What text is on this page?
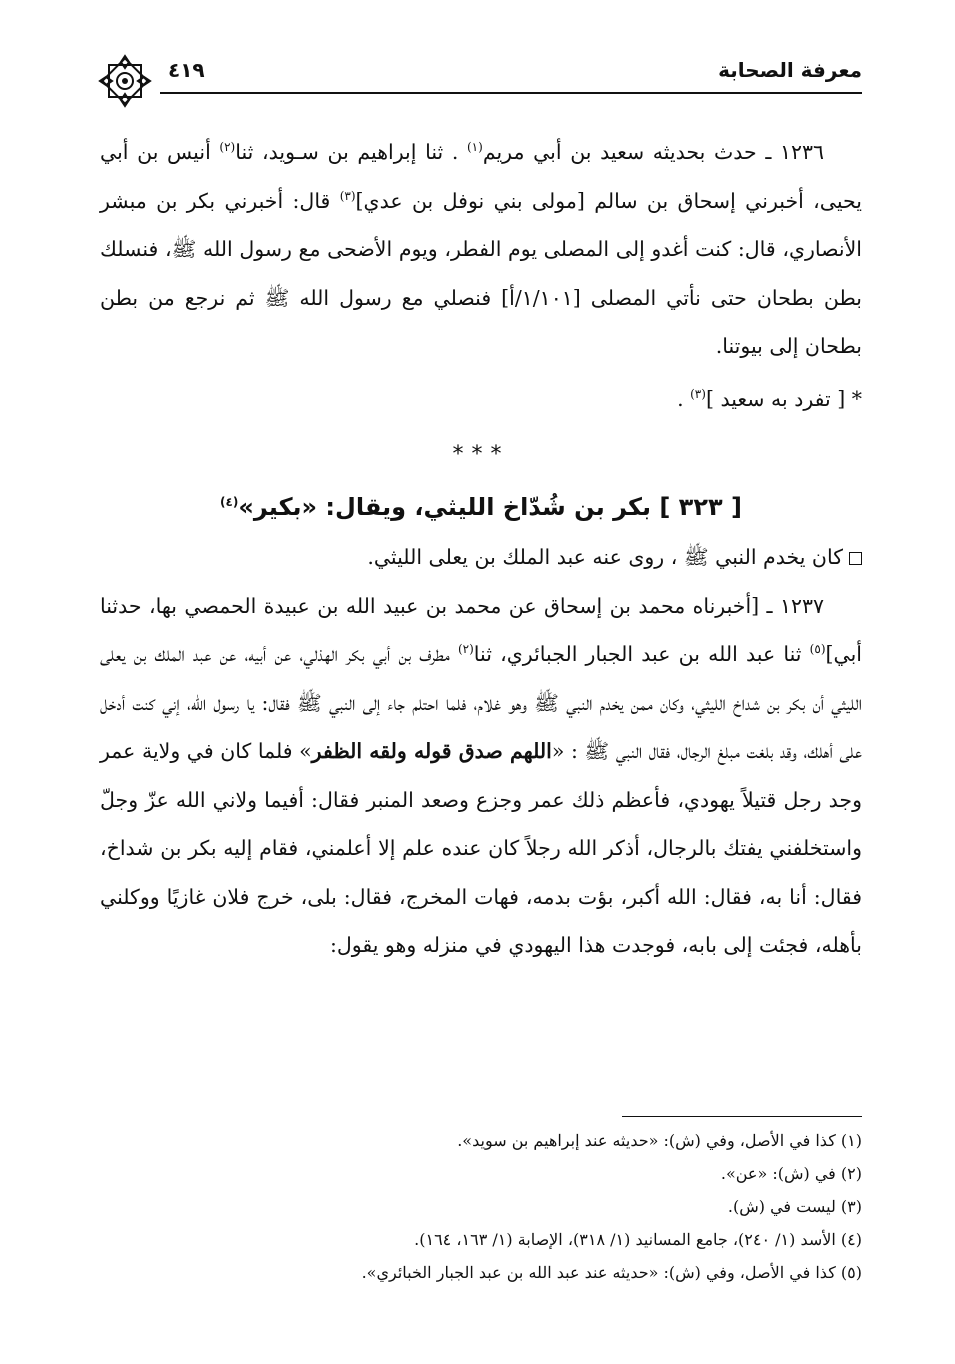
٤١٩	معرفة الصحابة

١٢٣٦ ـ حدث بحديثه سعيد بن أبي مريم$^{(١)}$ . ثنا إبراهيم بن سـويد، ثنا$^{(٢)}$ أنيس بن أبي يحيى، أخبرني إسحاق بن سالم [مولى بني نوفل بن عدي]$^{(٣)}$ قال: أخبرني بكر بن مبشر الأنصاري، قال: كنت أغدو إلى المصلى يوم الفطر، ويوم الأضحى مع رسول الله ﷺ، فنسلك بطن بطحان حتى نأتي المصلى [١/١٠١/أ] فنصلي مع رسول الله ﷺ ثم نرجع من بطن بطحان إلى بيوتنا.

* [ تفرد به سعيد ]$^{(٣)}$ .

***
[ ٣٢٣ ] بكر بن شُدّاخ الليثي، ويقال: «بكير»$^{(٤)}$

كان يخدم النبي ﷺ ، روى عنه عبد الملك بن يعلى الليثي.

١٢٣٧ ـ [أخبرناه محمد بن إسحاق عن محمد بن عبيد الله بن عبيدة الحمصي بها، حدثنا أبي]$^{(٥)}$ ثنا عبد الله بن عبد الجبار الجبائري، ثنا$^{(٢)}$ مطرف بن أبي بكر الهذلي، عن أبيه، عن عبد الملك بن يعلى الليثي أن بكر بن شداخ الليثي، وكان ممن يخدم النبي ﷺ وهو غلام، فلما احتلم جاء إلى النبي ﷺ فقال: يا رسول الله، إني كنت أدخل على أهلك، وقد بلغت مبلغ الرجال، فقال النبي ﷺ : «اللهم صدق قوله ولقه الظفر» فلما كان في ولاية عمر وجد رجل قتيلاً يهودي، فأعظم ذلك عمر وجزع وصعد المنبر فقال: أفيما ولاني الله عزّ وجلّ واستخلفني يفتك بالرجال، أذكر الله رجلاً كان عنده علم إلا أعلمني، فقام إليه بكر بن شداخ، فقال: أنا به، فقال: الله أكبر، بؤت بدمه، فهات المخرج، فقال: بلى، خرج فلان غازيًا ووكلني بأهله، فجئت إلى بابه، فوجدت هذا اليهودي في منزله وهو يقول:

(١) كذا في الأصل، وفي (ش): «حديثه عند إبراهيم بن سويد».
(٢) في (ش): «عن».
(٣) ليست في (ش).
(٤) الأسد (١/ ٢٤٠)، جامع المسانيد (١/ ٣١٨)، الإصابة (١/ ١٦٣، ١٦٤).
(٥) كذا في الأصل، وفي (ش): «حديثه عند عبد الله بن عبد الجبار الخبائري».
